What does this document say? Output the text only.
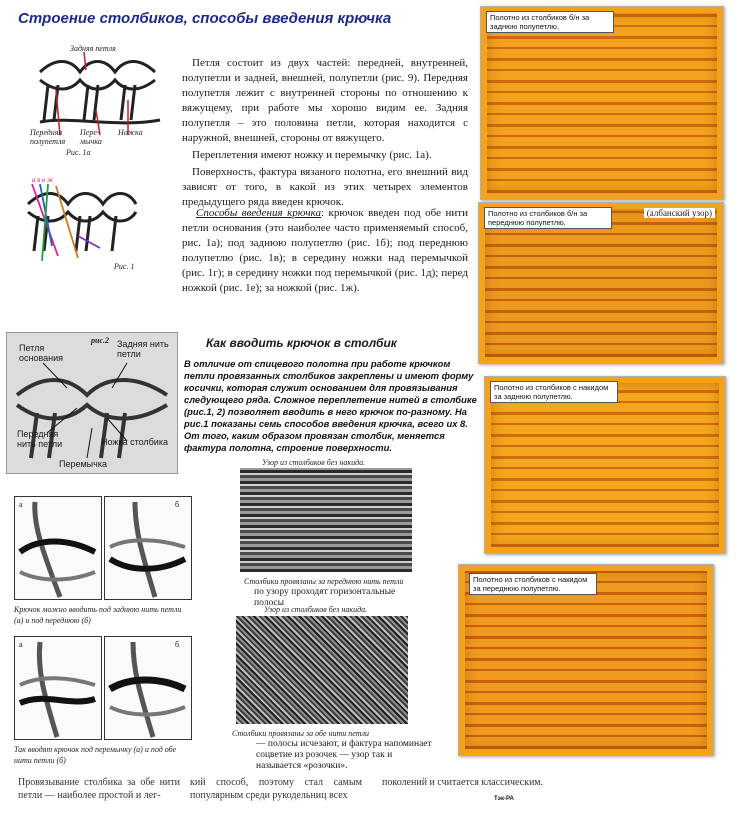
Строение столбиков, способы введения крючка
Задняя петля
Передняя полупетля
Пере-мычка
Ножка
Рис. 1а
а в в ж
Рис. 1

Петля состоит из двух частей: передней, внутренней, полупетли и задней, внешней, полупетли (рис. 9). Передняя полупетля лежит с внутренней стороны по отношению к вяжущему, при работе мы хорошо видим ее. Задняя полупетля – это половина петли, которая находится с наружной, внешней, стороны от вяжущего.

Переплетения имеют ножку и перемычку (рис. 1а).

Поверхность, фактура вязаного полотна, его внешний вид зависят от того, в какой из этих четырех элементов предыдущего ряда введен крючок.

Способы введения крючка: крючок введен под обе нити петли основания (это наиболее часто применяемый способ, рис. 1а); под заднюю полупетлю (рис. 1б); под переднюю полупетлю (рис. 1в); в середину ножки над перемычкой (рис. 1г); в середину ножки под перемычкой (рис. 1д); перед ножкой (рис. 1е); за ножкой (рис. 1ж).

рис.2
Петля основания
Задняя нить петли
Передняя нить петли	Ножка столбика
Перемычка
Как вводить крючок в столбик
В отличие от спицевого полотна при работе крючком петли провязанных столбиков закреплены и имеют форму косички, которая служит основанием для провязывания следующего ряда. Сложное переплетение нитей в столбике (рис.1, 2) позволяет вводить в него крючок по-разному. На рис.1 показаны семь способов введения крючка, всего их 8. От того, каким образом провязан столбик, меняется фактура полотна, строение поверхности.
а	б
Крючок можно вводить под заднюю нить петли (а) и под переднюю (б)
а	б
Так вводят крючок под перемычку (а) и под обе нити петли (б)
Узор из столбиков без накида.
Столбики провязаны за переднюю нить петли
по узору проходят горизонтальные полосы
Узор из столбиков без накида.
Столбики провязаны за обе нити петли
— полосы исчезают, и фактура напоминает соцветие из розочек — узор так и называется «розочки».
Полотно из столбиков б/н за заднюю полупетлю.
Полотно из столбиков б/н за переднюю полупетлю.
(албанский узор)
Полотно из столбиков с накидом за заднюю полупетлю.
Полотно из столбиков с накидом за переднюю полупетлю.
Провязывание столбика за обе нити петли — наиболее простой и лег-
кий способ, поэтому стал самым популярным среди рукодельниц всех
поколений и считается классическим.
Тэк-РА
